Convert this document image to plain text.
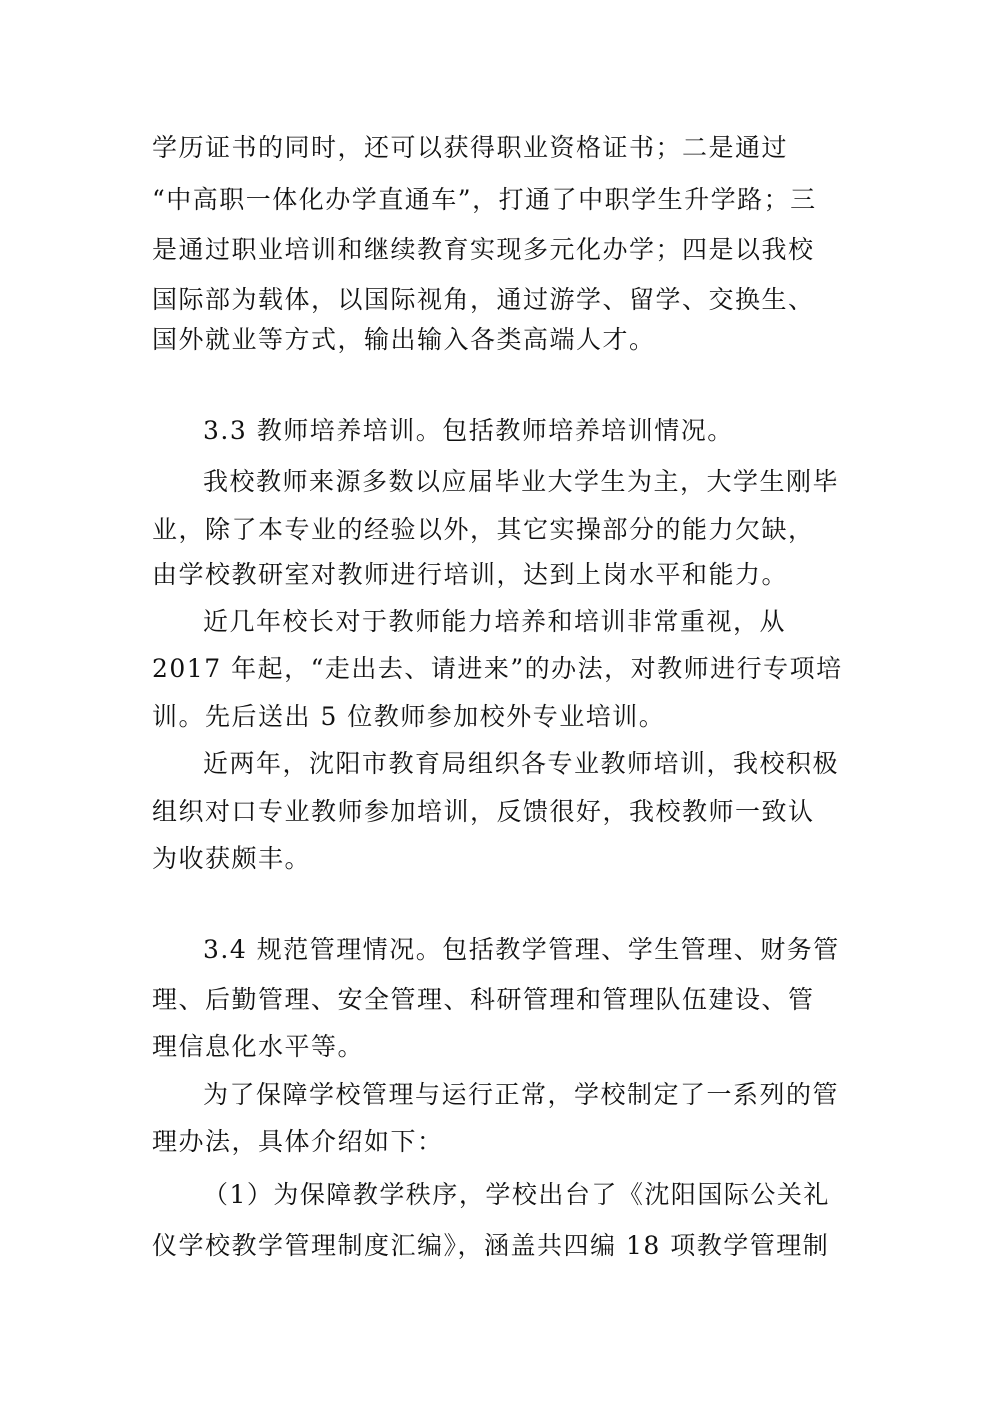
学历证书的同时，还可以获得职业资格证书；二是通过
“中高职一体化办学直通车”，打通了中职学生升学路；三
是通过职业培训和继续教育实现多元化办学；四是以我校
国际部为载体，以国际视角，通过游学、留学、交换生、
国外就业等方式，输出输入各类高端人才。
3.3 教师培养培训。包括教师培养培训情况。
我校教师来源多数以应届毕业大学生为主，大学生刚毕
业，除了本专业的经验以外，其它实操部分的能力欠缺，
由学校教研室对教师进行培训，达到上岗水平和能力。
近几年校长对于教师能力培养和培训非常重视，从
2017 年起，“走出去、请进来”的办法，对教师进行专项培
训。先后送出 5 位教师参加校外专业培训。
近两年，沈阳市教育局组织各专业教师培训，我校积极
组织对口专业教师参加培训，反馈很好，我校教师一致认
为收获颇丰。
3.4 规范管理情况。包括教学管理、学生管理、财务管
理、后勤管理、安全管理、科研管理和管理队伍建设、管
理信息化水平等。
为了保障学校管理与运行正常，学校制定了一系列的管
理办法，具体介绍如下：
（1）为保障教学秩序，学校出台了《沈阳国际公关礼
仪学校教学管理制度汇编》，涵盖共四编 18 项教学管理制
